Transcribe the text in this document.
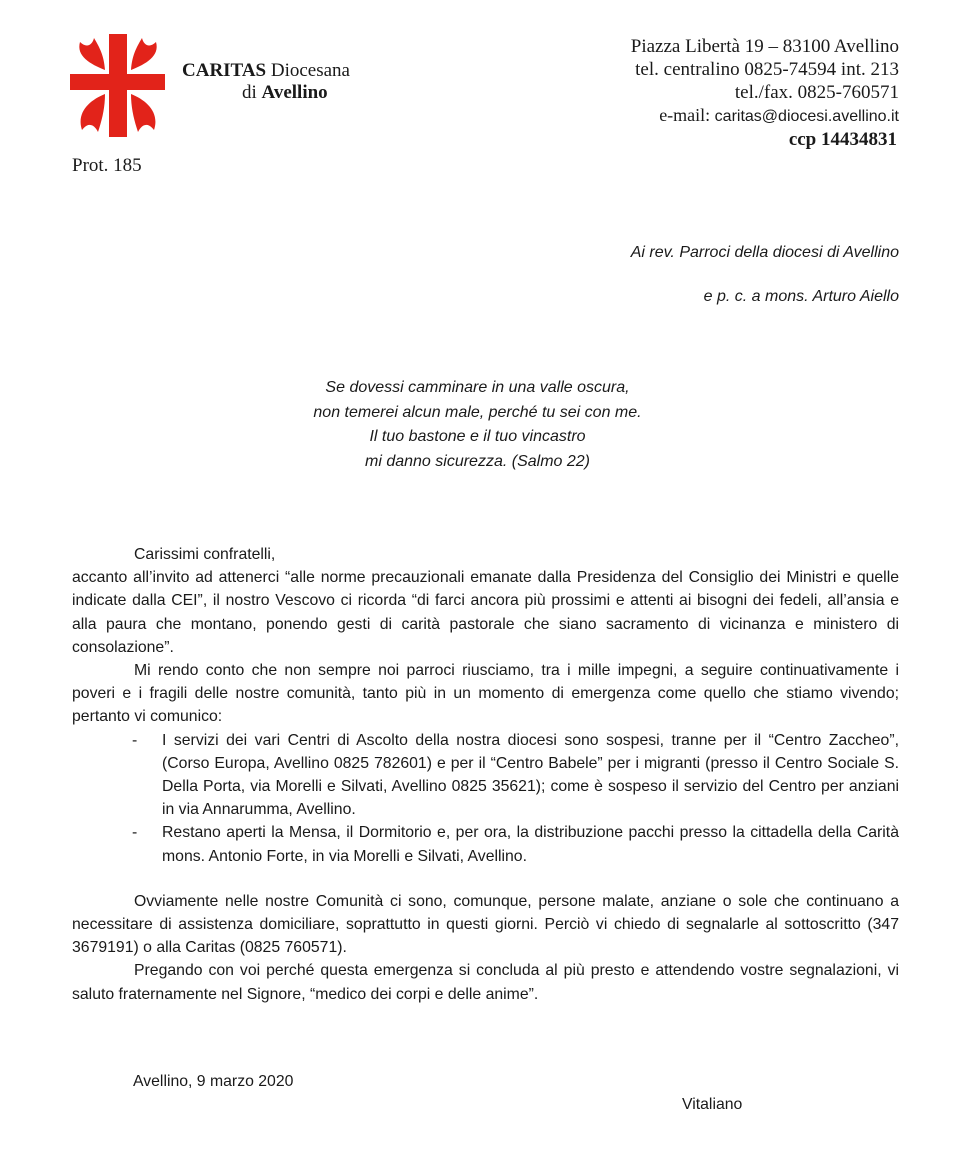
CARITAS Diocesana
di Avellino
Piazza Libertà 19 – 83100 Avellino
tel. centralino 0825-74594 int. 213
tel./fax. 0825-760571
e-mail: caritas@diocesi.avellino.it
ccp 14434831
Prot. 185
Ai rev. Parroci della diocesi di Avellino
e p. c. a mons. Arturo Aiello
Se dovessi camminare in una valle oscura,
non temerei alcun male, perché tu sei con me.
Il tuo bastone e il tuo vincastro
mi danno sicurezza. (Salmo 22)

Carissimi confratelli,

accanto all’invito ad attenerci “alle norme precauzionali emanate dalla Presidenza del Consiglio dei Ministri e quelle indicate dalla CEI”, il nostro Vescovo ci ricorda “di farci ancora più prossimi e attenti ai bisogni dei fedeli, all’ansia e alla paura che montano, ponendo gesti di carità pastorale che siano sacramento di vicinanza e ministero di consolazione”.

Mi rendo conto che non sempre noi parroci riusciamo, tra i mille impegni, a seguire continuativamente i poveri e i fragili delle nostre comunità, tanto più in un momento di emergenza come quello che stiamo vivendo; pertanto vi comunico:

- I servizi dei vari Centri di Ascolto della nostra diocesi sono sospesi, tranne per il “Centro Zaccheo”, (Corso Europa, Avellino 0825 782601) e per il “Centro Babele” per i migranti (presso il Centro Sociale S. Della Porta, via Morelli e Silvati, Avellino 0825 35621); come è sospeso il servizio del Centro per anziani in via Annarumma, Avellino.
- Restano aperti la Mensa, il Dormitorio e, per ora, la distribuzione pacchi presso la cittadella della Carità mons. Antonio Forte, in via Morelli e Silvati, Avellino.

Ovviamente nelle nostre Comunità ci sono, comunque, persone malate, anziane o sole che continuano a necessitare di assistenza domiciliare, soprattutto in questi giorni. Perciò vi chiedo di segnalarle al sottoscritto (347 3679191) o alla Caritas (0825 760571).

Pregando con voi perché questa emergenza si concluda al più presto e attendendo vostre segnalazioni, vi saluto fraternamente nel Signore, “medico dei corpi e delle anime”.

Avellino, 9 marzo 2020
Vitaliano
